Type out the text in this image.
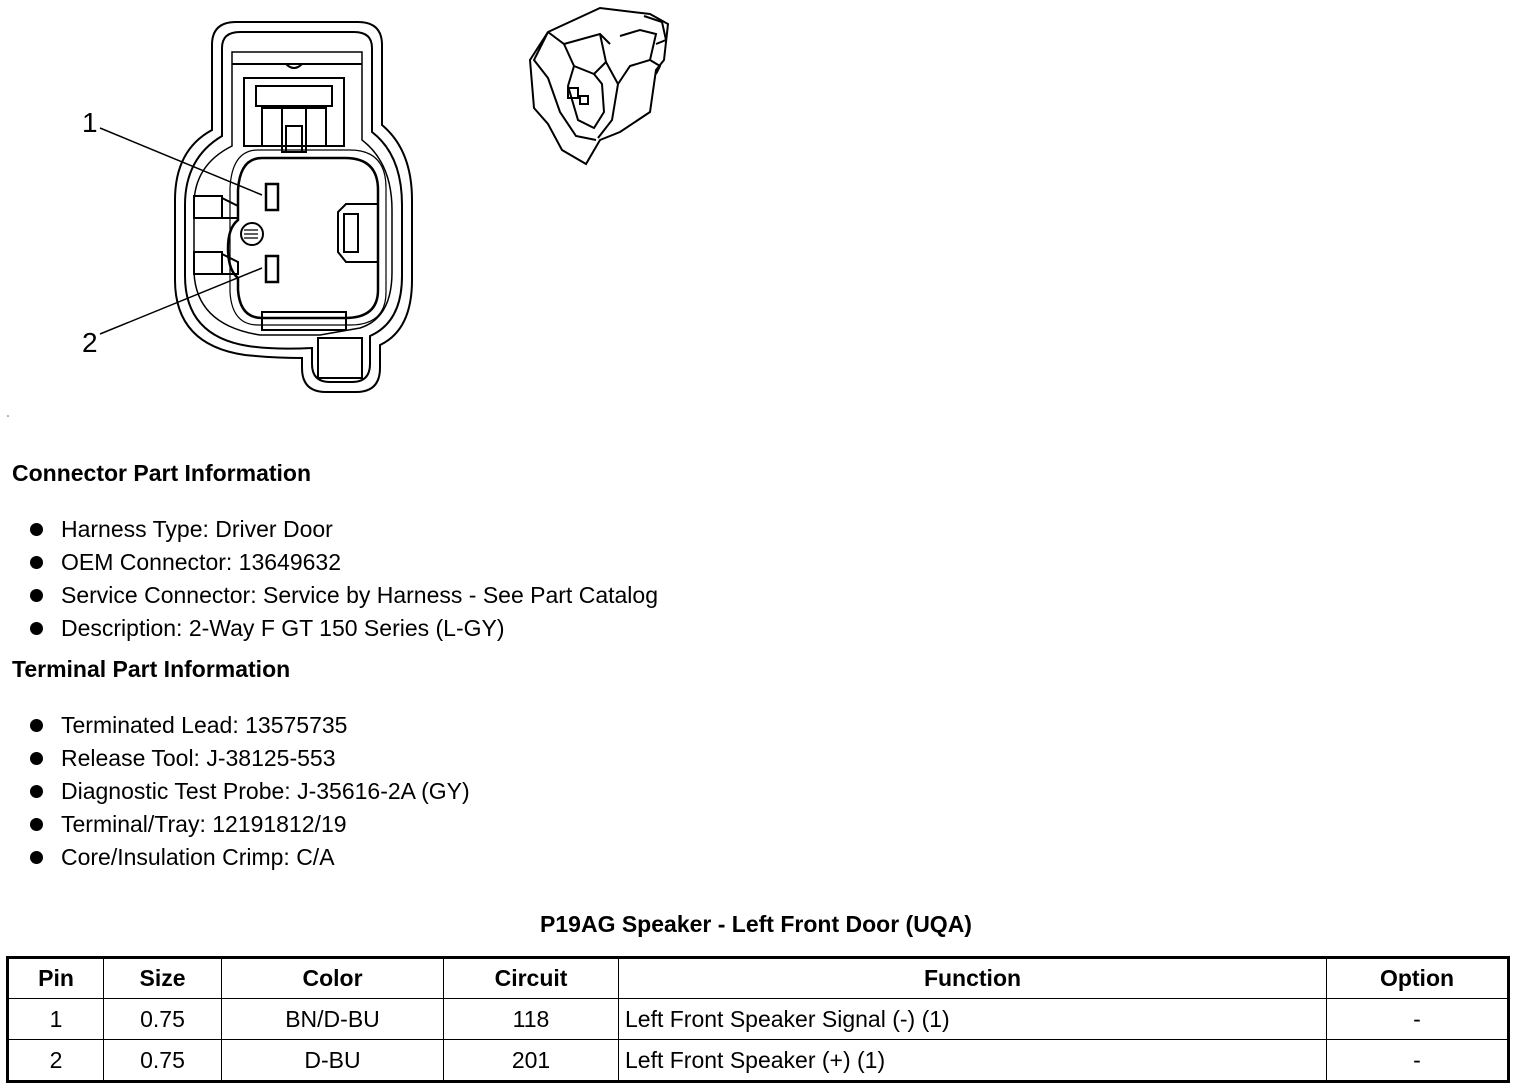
1
2
Connector Part Information
Harness Type: Driver Door
OEM Connector: 13649632
Service Connector: Service by Harness - See Part Catalog
Description: 2-Way F GT 150 Series (L-GY)
Terminal Part Information
Terminated Lead: 13575735
Release Tool: J-38125-553
Diagnostic Test Probe: J-35616-2A (GY)
Terminal/Tray: 12191812/19
Core/Insulation Crimp: C/A
P19AG Speaker - Left Front Door (UQA)
Pin	Size	Color	Circuit	Function	Option
1	0.75	BN/D-BU	118	Left Front Speaker Signal (-) (1)	-
2	0.75	D-BU	201	Left Front Speaker (+) (1)	-
